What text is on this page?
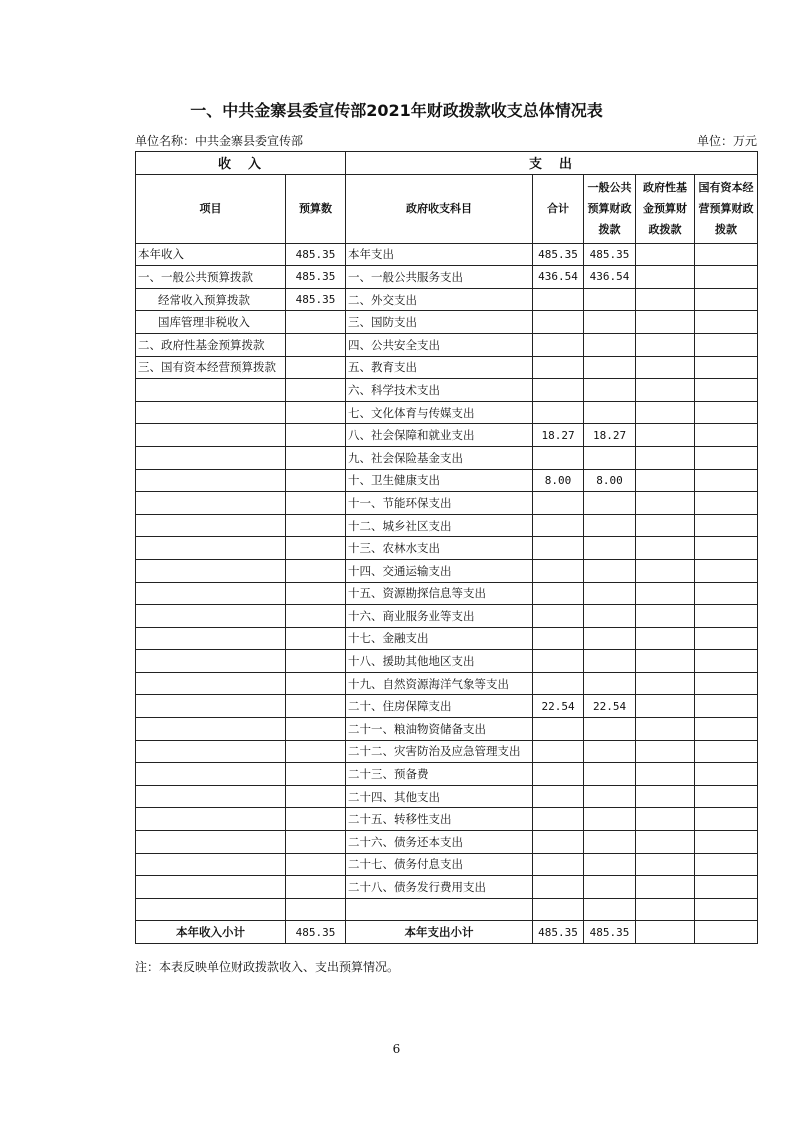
一、中共金寨县委宣传部2021年财政拨款收支总体情况表
单位名称：中共金寨县委宣传部	单位：万元
收　入		支　出				
项目	预算数	政府收支科目	合计	一般公共预算财政拨款	政府性基金预算财政拨款	国有资本经营预算财政拨款
本年收入	485.35	本年支出	485.35	485.35		
一、一般公共预算拨款	485.35	一、一般公共服务支出	436.54	436.54		
经常收入预算拨款	485.35	二、外交支出				
国库管理非税收入		三、国防支出				
二、政府性基金预算拨款		四、公共安全支出				
三、国有资本经营预算拨款		五、教育支出				
		六、科学技术支出				
		七、文化体育与传媒支出				
		八、社会保障和就业支出	18.27	18.27		
		九、社会保险基金支出				
		十、卫生健康支出	8.00	8.00		
		十一、节能环保支出				
		十二、城乡社区支出				
		十三、农林水支出				
		十四、交通运输支出				
		十五、资源勘探信息等支出				
		十六、商业服务业等支出				
		十七、金融支出				
		十八、援助其他地区支出				
		十九、自然资源海洋气象等支出				
		二十、住房保障支出	22.54	22.54		
		二十一、粮油物资储备支出				
		二十二、灾害防治及应急管理支出				
		二十三、预备费				
		二十四、其他支出				
		二十五、转移性支出				
		二十六、债务还本支出				
		二十七、债务付息支出				
		二十八、债务发行费用支出				

本年收入小计	485.35	本年支出小计	485.35	485.35		
注：本表反映单位财政拨款收入、支出预算情况。
6
